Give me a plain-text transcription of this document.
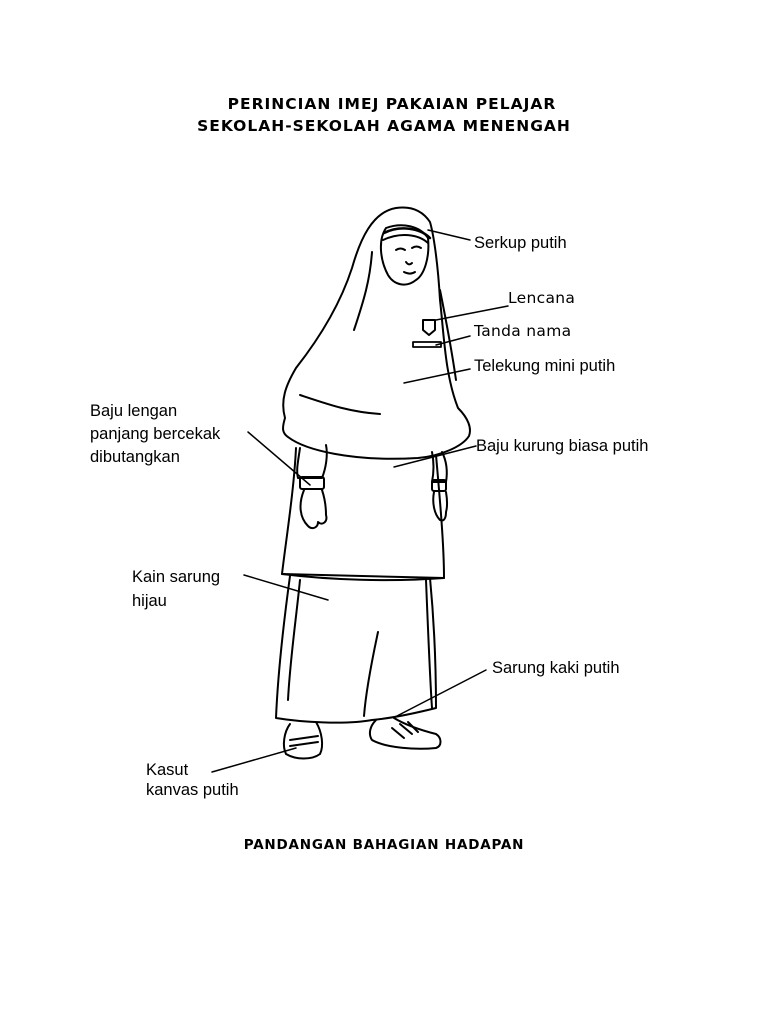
PERINCIAN IMEJ PAKAIAN PELAJAR
SEKOLAH-SEKOLAH AGAMA MENENGAH
Serkup putih
Lencana
Tanda nama
Telekung mini putih
Baju lengan
panjang bercekak
dibutangkan
Baju kurung biasa putih
Kain sarung
hijau
Sarung kaki putih
Kasut
kanvas putih
PANDANGAN BAHAGIAN HADAPAN
